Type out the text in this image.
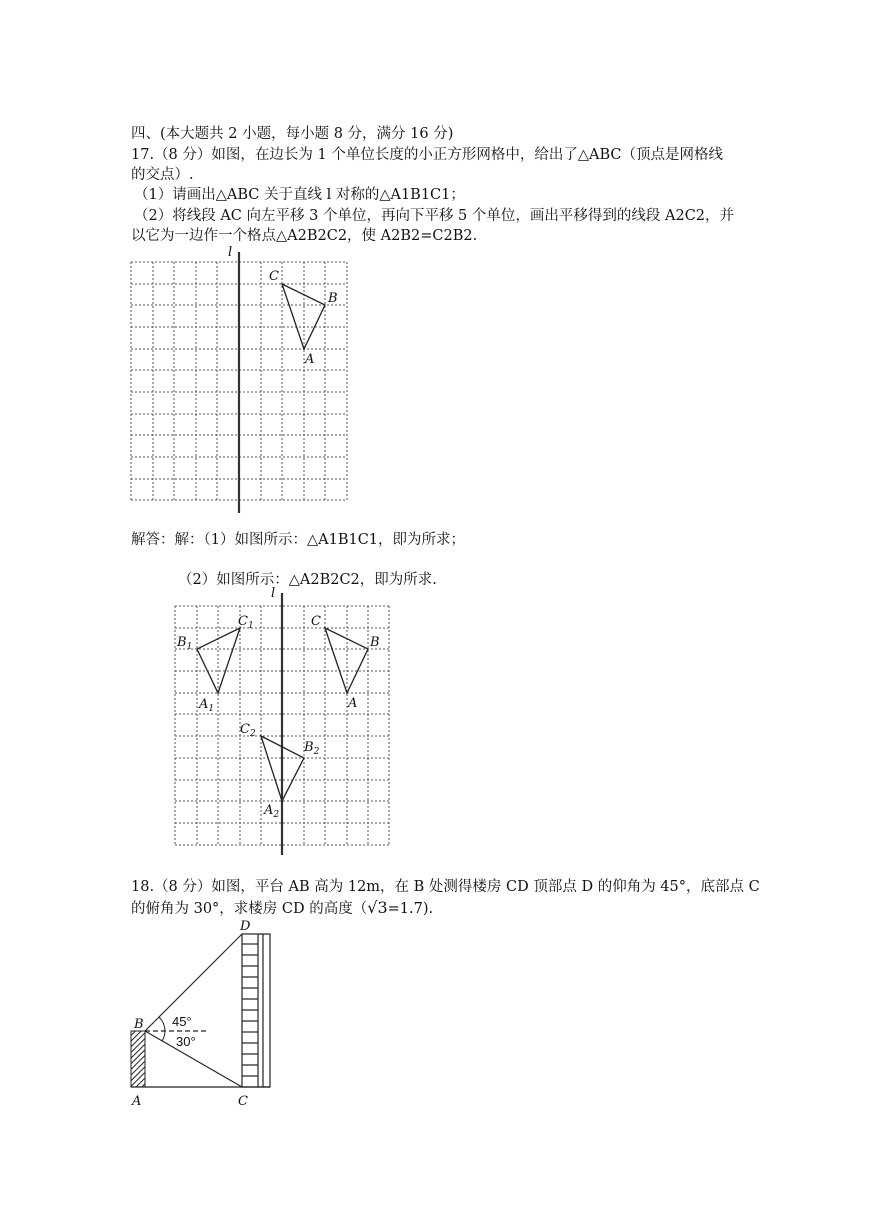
四、(本大题共 2 小题，每小题 8 分，满分 16 分)
17.（8 分）如图，在边长为 1 个单位长度的小正方形网格中，给出了△ABC（顶点是网格线
的交点）.
（1）请画出△ABC 关于直线 l 对称的△A1B1C1；
（2）将线段 AC 向左平移 3 个单位，再向下平移 5 个单位，画出平移得到的线段 A2C2，并
以它为一边作一个格点△A2B2C2，使 A2B2=C2B2.
l
C
B
A
解答：解：（1）如图所示：△A1B1C1，即为所求；
（2）如图所示：△A2B2C2，即为所求.
l
C
B
A
$C_1$
$B_1$
$A_1$
$C_2$
$B_2$
$A_2$
18.（8 分）如图，平台 AB 高为 12m，在 B 处测得楼房 CD 顶部点 D 的仰角为 45°，底部点 C
的俯角为 30°，求楼房 CD 的高度（√3=1.7).
45°
30°
B
A	C
D
